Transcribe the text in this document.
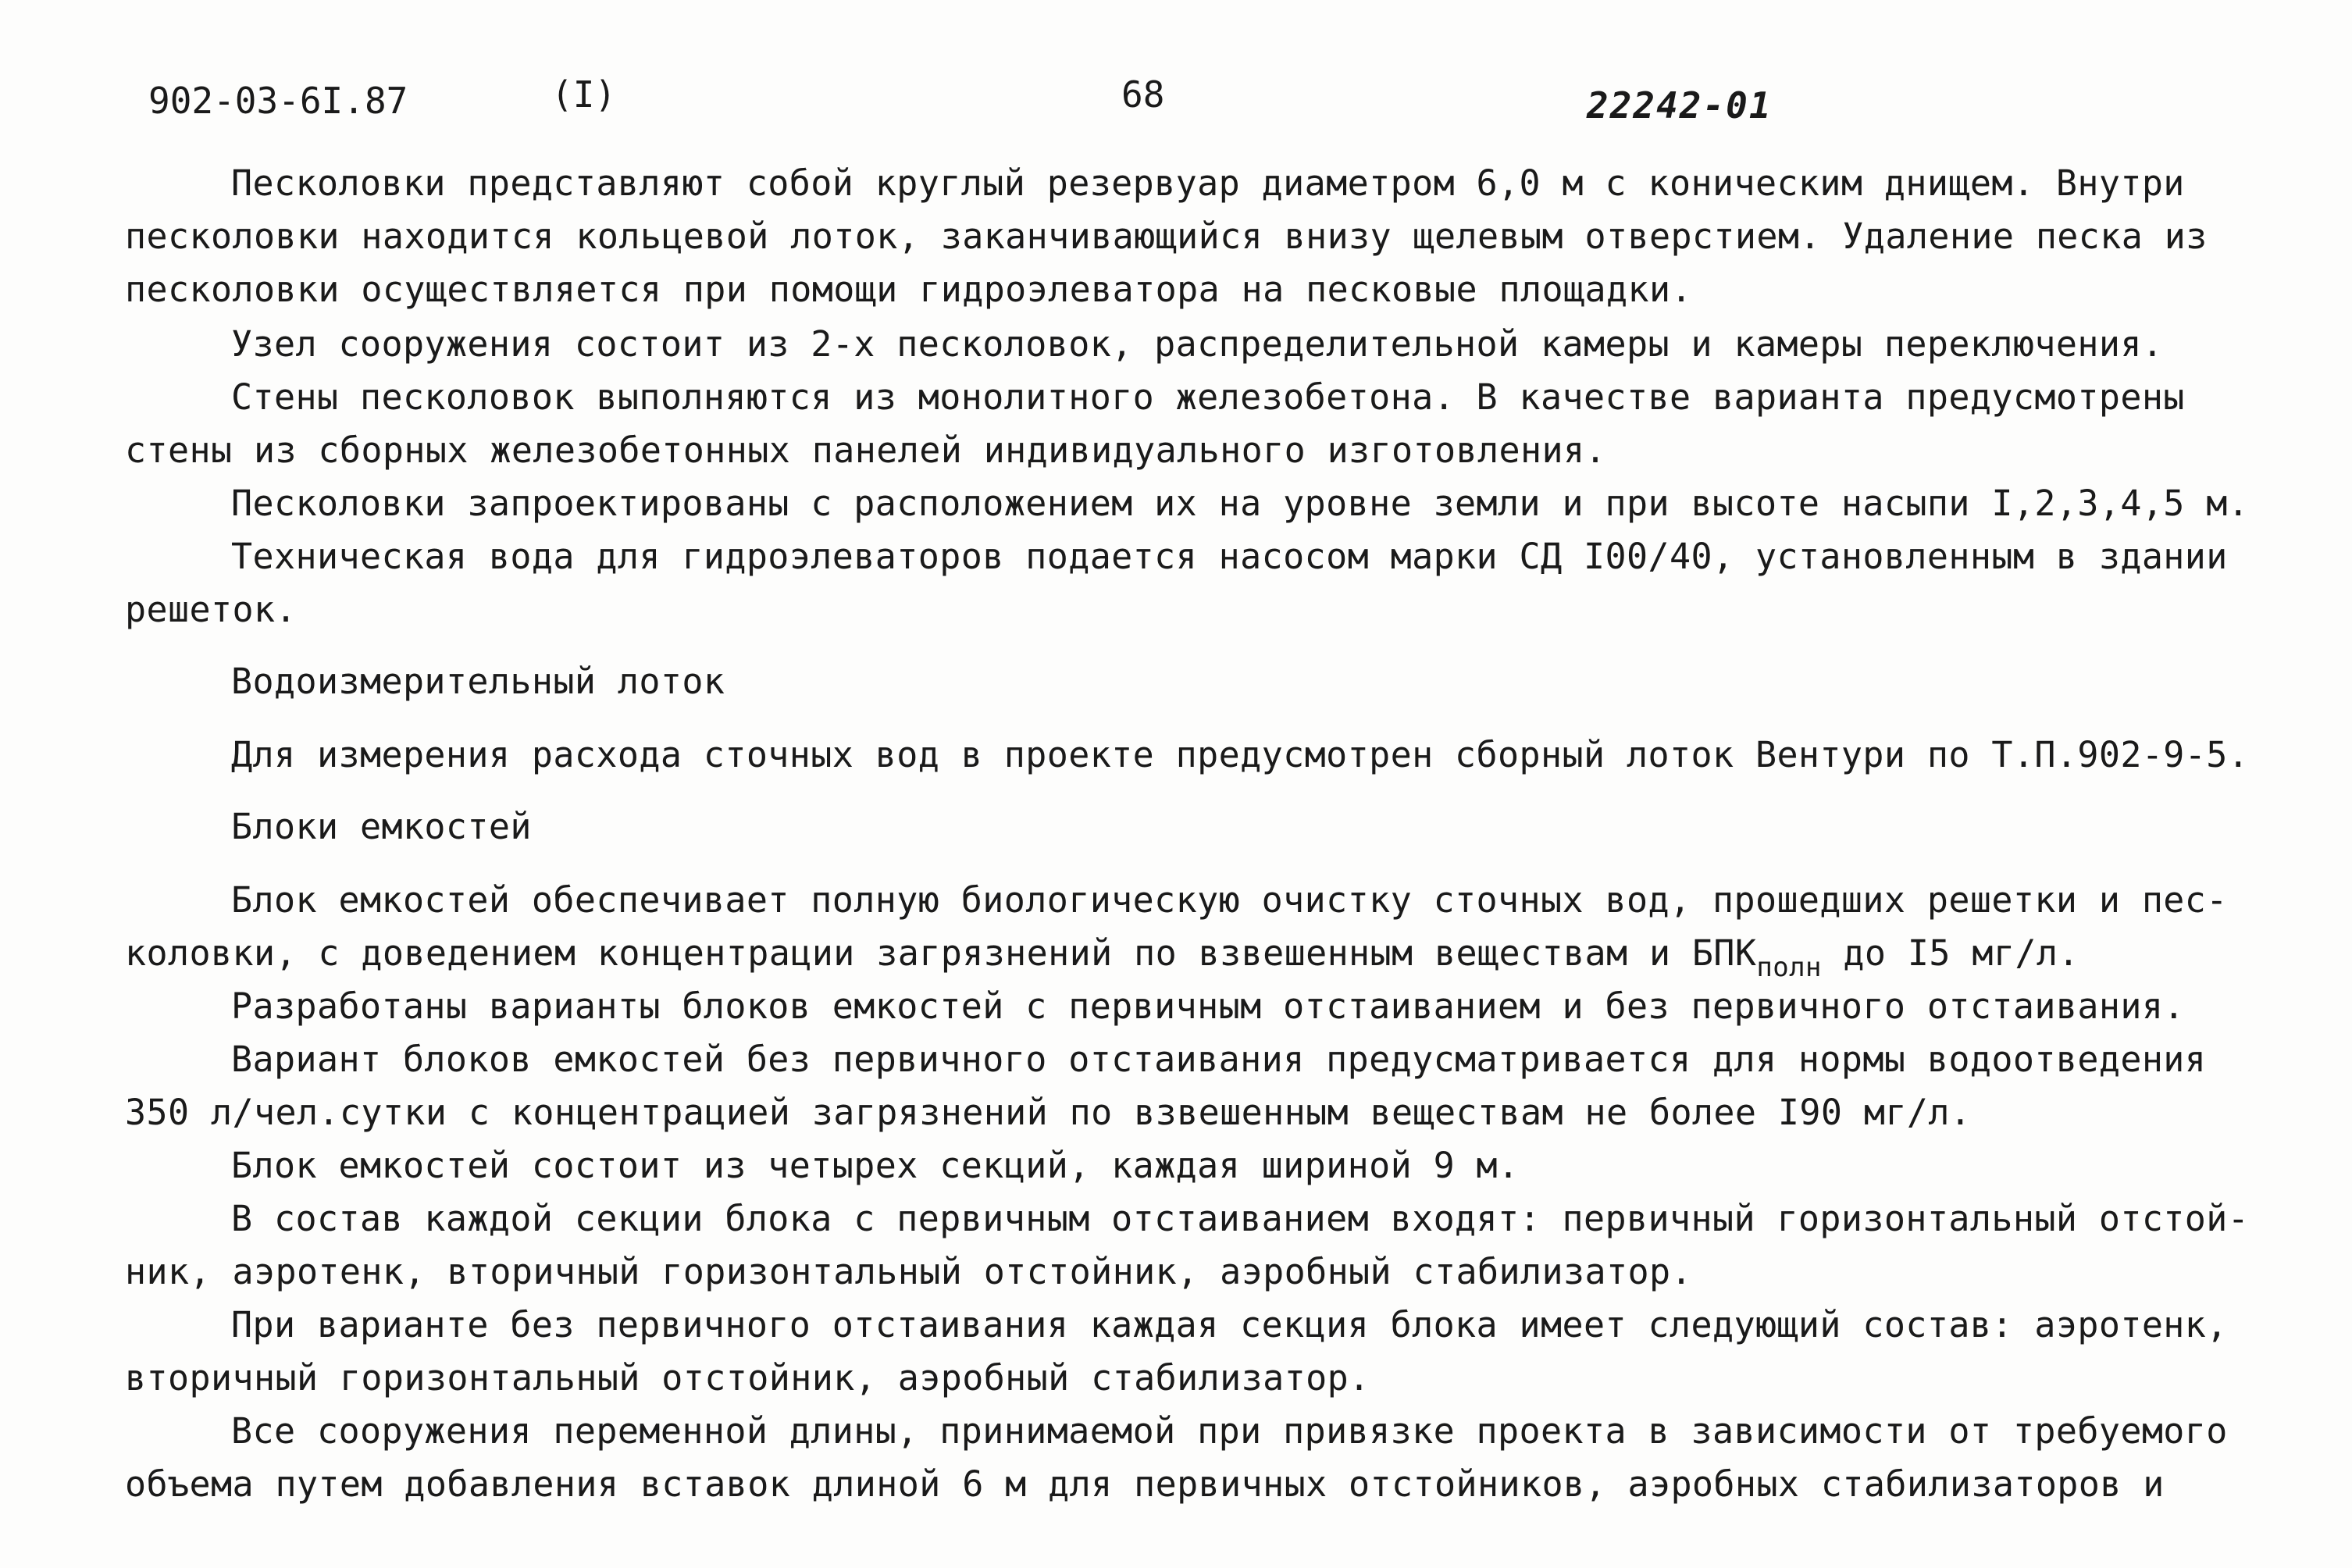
902-03-6I.87	(I)	68	22242-01
Песколовки представляют собой круглый резервуар диаметром 6,0 м с коническим днищем. Внутри
песколовки находится кольцевой лоток, заканчивающийся внизу щелевым отверстием. Удаление песка из
песколовки осуществляется при помощи гидроэлеватора на песковые площадки.
Узел сооружения состоит из 2-х песколовок, распределительной камеры и камеры переключения.
Стены песколовок выполняются из монолитного железобетона. В качестве варианта предусмотрены
стены из сборных железобетонных панелей индивидуального изготовления.
Песколовки запроектированы с расположением их на уровне земли и при высоте насыпи I,2,3,4,5 м.
Техническая вода для гидроэлеваторов подается насосом марки СД I00/40, установленным в здании
решеток.
Водоизмерительный лоток
Для измерения расхода сточных вод в проекте предусмотрен сборный лоток Вентури по Т.П.902-9-5.
Блоки емкостей
Блок емкостей обеспечивает полную биологическую очистку сточных вод, прошедших решетки и пес-
коловки, с доведением концентрации загрязнений по взвешенным веществам и $БПК_{полн}$ до I5 мг/л.
Разработаны варианты блоков емкостей с первичным отстаиванием и без первичного отстаивания.
Вариант блоков емкостей без первичного отстаивания предусматривается для нормы водоотведения
350 л/чел.сутки с концентрацией загрязнений по взвешенным веществам не более I90 мг/л.
Блок емкостей состоит из четырех секций, каждая шириной 9 м.
В состав каждой секции блока с первичным отстаиванием входят: первичный горизонтальный отстой-
ник, аэротенк, вторичный горизонтальный отстойник, аэробный стабилизатор.
При варианте без первичного отстаивания каждая секция блока имеет следующий состав: аэротенк,
вторичный горизонтальный отстойник, аэробный стабилизатор.
Все сооружения переменной длины, принимаемой при привязке проекта в зависимости от требуемого
объема путем добавления вставок длиной 6 м для первичных отстойников, аэробных стабилизаторов и
